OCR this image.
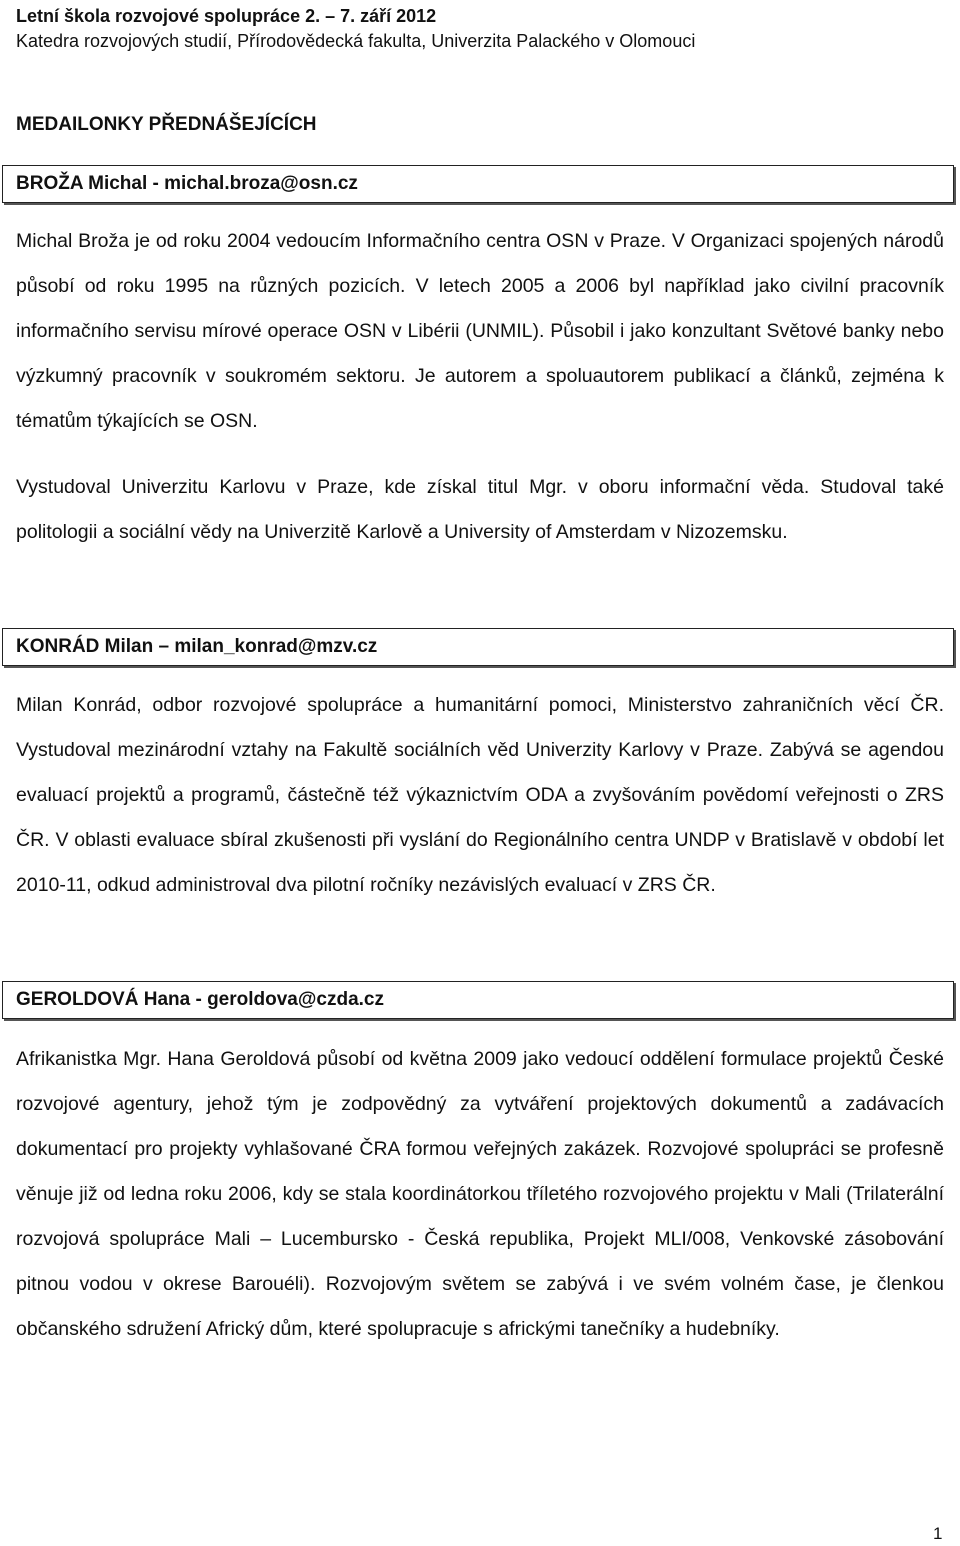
Letní škola rozvojové spolupráce 2. – 7. září 2012

Katedra rozvojových studií, Přírodovědecká fakulta, Univerzita Palackého v Olomouci

MEDAILONKY PŘEDNÁŠEJÍCÍCH

BROŽA Michal - michal.broza@osn.cz

Michal Broža je od roku 2004 vedoucím Informačního centra OSN v Praze. V Organizaci spojených národů působí od roku 1995 na různých pozicích. V letech 2005 a 2006 byl například jako civilní pracovník informačního servisu mírové operace OSN v Libérii (UNMIL). Působil i jako konzultant Světové banky nebo výzkumný pracovník v soukromém sektoru. Je autorem a spoluautorem publikací a článků, zejména k tématům týkajících se OSN.

Vystudoval Univerzitu Karlovu v Praze, kde získal titul Mgr. v oboru informační věda. Studoval také politologii a sociální vědy na Univerzitě Karlově a University of Amsterdam v Nizozemsku.

KONRÁD Milan – milan_konrad@mzv.cz

Milan Konrád, odbor rozvojové spolupráce a humanitární pomoci, Ministerstvo zahraničních věcí ČR. Vystudoval mezinárodní vztahy na Fakultě sociálních věd Univerzity Karlovy v Praze. Zabývá se agendou evaluací projektů a programů, částečně též výkaznictvím ODA a zvyšováním povědomí veřejnosti o ZRS ČR. V oblasti evaluace sbíral zkušenosti při vyslání do Regionálního centra UNDP v Bratislavě v období let 2010-11, odkud administroval dva pilotní ročníky nezávislých evaluací v ZRS ČR.

GEROLDOVÁ Hana - geroldova@czda.cz

Afrikanistka Mgr. Hana Geroldová působí od května 2009 jako vedoucí oddělení formulace projektů České rozvojové agentury, jehož tým je zodpovědný za vytváření projektových dokumentů a zadávacích dokumentací pro projekty vyhlašované ČRA formou veřejných zakázek. Rozvojové spolupráci se profesně věnuje již od ledna roku 2006, kdy se stala koordinátorkou tříletého rozvojového projektu v Mali (Trilaterální rozvojová spolupráce Mali – Lucembursko - Česká republika, Projekt MLI/008, Venkovské zásobování pitnou vodou v okrese Barouéli). Rozvojovým světem se zabývá i ve svém volném čase, je členkou občanského sdružení Africký dům, které spolupracuje s africkými tanečníky a hudebníky.

1
